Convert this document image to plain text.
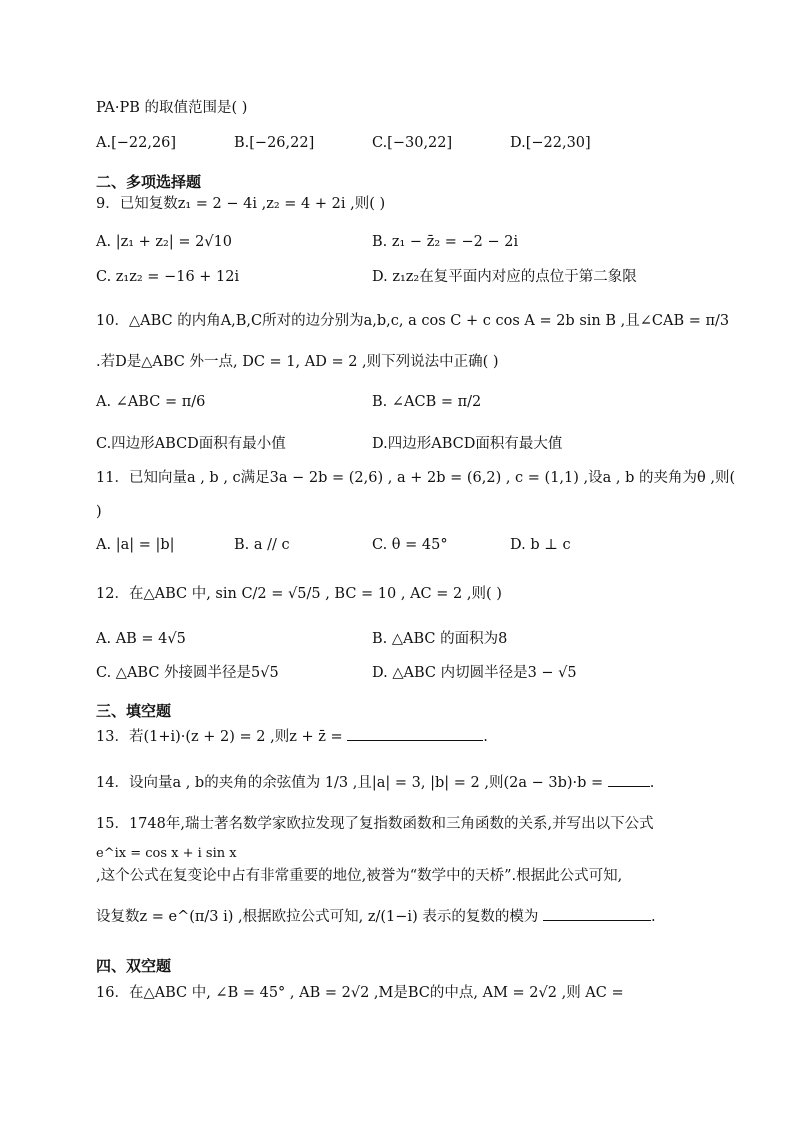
PA·PB 的取值范围是( )
A.[−22,26]	B.[−26,22]	C.[−30,22]	D.[−22,30]
二、多项选择题
9．已知复数z₁ = 2 − 4i ,z₂ = 4 + 2i ,则( )
A. |z₁ + z₂| = 2√10	B. z₁ − z̄₂ = −2 − 2i
C. z₁z₂ = −16 + 12i	D. z₁z₂在复平面内对应的点位于第二象限
10．△ABC 的内角A,B,C所对的边分别为a,b,c, a cos C + c cos A = 2b sin B ,且∠CAB = π/3
.若D是△ABC 外一点, DC = 1, AD = 2 ,则下列说法中正确( )
A. ∠ABC = π/6	B. ∠ACB = π/2
C.四边形ABCD面积有最小值	D.四边形ABCD面积有最大值
11．已知向量a , b , c满足3a − 2b = (2,6) , a + 2b = (6,2) , c = (1,1) ,设a , b 的夹角为θ ,则(
)
A. |a| = |b|	B. a // c	C. θ = 45°	D. b ⊥ c
12．在△ABC 中, sin C/2 = √5/5 , BC = 10 , AC = 2 ,则( )
A. AB = 4√5	B. △ABC 的面积为8
C. △ABC 外接圆半径是5√5	D. △ABC 内切圆半径是3 − √5
三、填空题
13．若(1+i)·(z + 2) = 2 ,则z + z̄ =	.
14．设向量a , b的夹角的余弦值为 1/3 ,且|a| = 3, |b| = 2 ,则(2a − 3b)·b =	.
15．1748年,瑞士著名数学家欧拉发现了复指数函数和三角函数的关系,并写出以下公式
e^ix = cos x + i sin x
,这个公式在复变论中占有非常重要的地位,被誉为“数学中的天桥”.根据此公式可知,
设复数z = e^(π/3 i) ,根据欧拉公式可知, z/(1−i) 表示的复数的模为	.
四、双空题
16．在△ABC 中, ∠B = 45° , AB = 2√2 ,M是BC的中点, AM = 2√2 ,则 AC =
